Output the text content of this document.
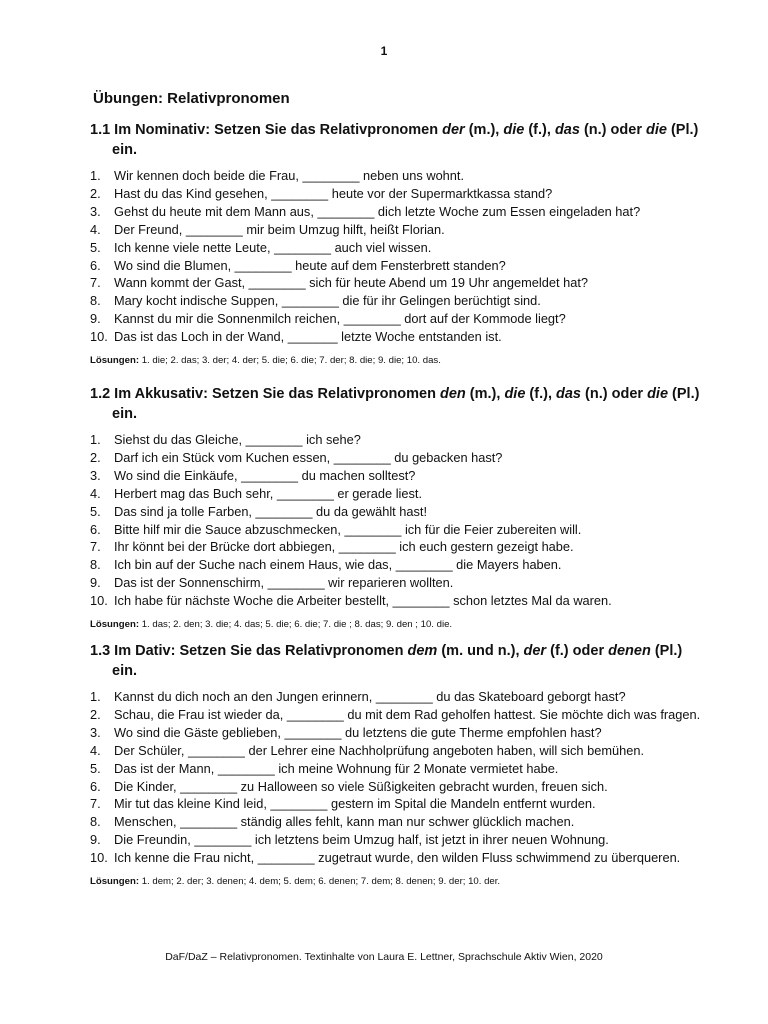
1
Übungen: Relativpronomen
1.1 Im Nominativ: Setzen Sie das Relativpronomen der (m.), die (f.), das (n.) oder die (Pl.) ein.
1. Wir kennen doch beide die Frau, ________ neben uns wohnt.
2. Hast du das Kind gesehen, ________ heute vor der Supermarktkassa stand?
3. Gehst du heute mit dem Mann aus, ________ dich letzte Woche zum Essen eingeladen hat?
4. Der Freund, ________ mir beim Umzug hilft, heißt Florian.
5. Ich kenne viele nette Leute, ________ auch viel wissen.
6. Wo sind die Blumen, ________ heute auf dem Fensterbrett standen?
7. Wann kommt der Gast, ________ sich für heute Abend um 19 Uhr angemeldet hat?
8. Mary kocht indische Suppen, ________ die für ihr Gelingen berüchtigt sind.
9. Kannst du mir die Sonnenmilch reichen, ________ dort auf der Kommode liegt?
10. Das ist das Loch in der Wand, _______ letzte Woche entstanden ist.
Lösungen: 1. die; 2. das; 3. der; 4. der; 5. die; 6. die; 7. der; 8. die; 9. die; 10. das.
1.2 Im Akkusativ: Setzen Sie das Relativpronomen den (m.), die (f.), das (n.) oder die (Pl.) ein.
1. Siehst du das Gleiche, ________ ich sehe?
2. Darf ich ein Stück vom Kuchen essen, ________ du gebacken hast?
3. Wo sind die Einkäufe, ________ du machen solltest?
4. Herbert mag das Buch sehr, ________ er gerade liest.
5. Das sind ja tolle Farben, ________ du da gewählt hast!
6. Bitte hilf mir die Sauce abzuschmecken, ________ ich für die Feier zubereiten will.
7. Ihr könnt bei der Brücke dort abbiegen, ________ ich euch gestern gezeigt habe.
8. Ich bin auf der Suche nach einem Haus, wie das, ________ die Mayers haben.
9. Das ist der Sonnenschirm, ________ wir reparieren wollten.
10. Ich habe für nächste Woche die Arbeiter bestellt, ________ schon letztes Mal da waren.
Lösungen: 1. das; 2. den; 3. die; 4. das; 5. die; 6. die; 7. die ; 8. das; 9. den ; 10. die.
1.3 Im Dativ: Setzen Sie das Relativpronomen dem (m. und n.), der (f.) oder denen (Pl.) ein.
1. Kannst du dich noch an den Jungen erinnern, ________ du das Skateboard geborgt hast?
2. Schau, die Frau ist wieder da, ________ du mit dem Rad geholfen hattest. Sie möchte dich was fragen.
3. Wo sind die Gäste geblieben, ________ du letztens die gute Therme empfohlen hast?
4. Der Schüler, ________ der Lehrer eine Nachholprüfung angeboten haben, will sich bemühen.
5. Das ist der Mann, ________ ich meine Wohnung für 2 Monate vermietet habe.
6. Die Kinder, ________ zu Halloween so viele Süßigkeiten gebracht wurden, freuen sich.
7. Mir tut das kleine Kind leid, ________ gestern im Spital die Mandeln entfernt wurden.
8. Menschen, ________ ständig alles fehlt, kann man nur schwer glücklich machen.
9. Die Freundin, ________ ich letztens beim Umzug half, ist jetzt in ihrer neuen Wohnung.
10. Ich kenne die Frau nicht, ________ zugetraut wurde, den wilden Fluss schwimmend zu überqueren.
Lösungen: 1. dem; 2. der; 3. denen; 4. dem; 5. dem; 6. denen; 7. dem; 8. denen; 9. der; 10. der.
DaF/DaZ – Relativpronomen. Textinhalte von Laura E. Lettner, Sprachschule Aktiv Wien, 2020
